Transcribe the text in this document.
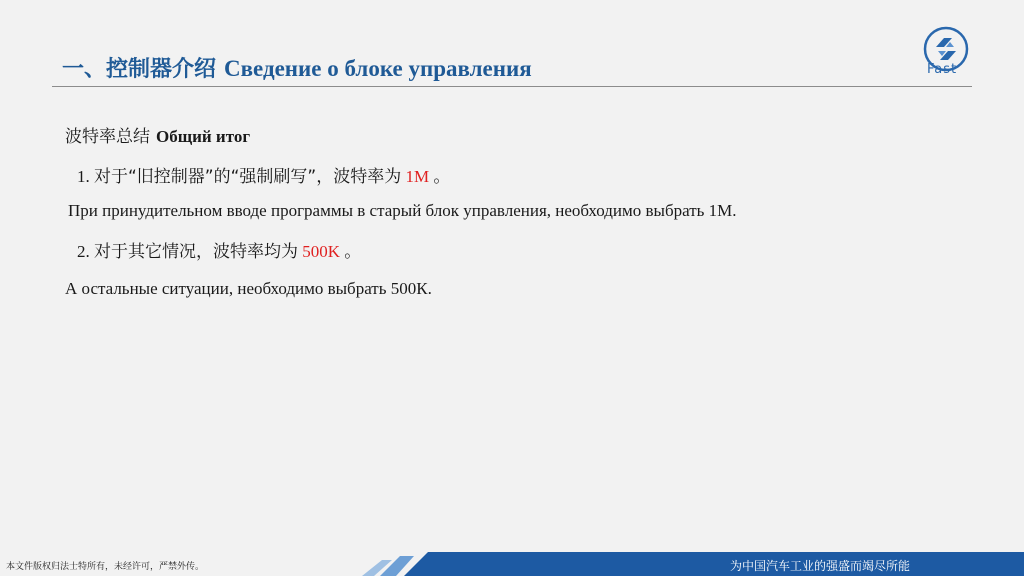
一、控制器介绍 Сведение о блоке управления	Fast
波特率总结 Общий итог
1. 对于“旧控制器”的“强制刷写”，波特率为 1M 。
При принудительном вводе программы в старый блок управления, необходимо выбрать 1М.
2. 对于其它情况，波特率均为 500K 。
А остальные ситуации, необходимо выбрать 500К.
本文件版权归法士特所有，未经许可，严禁外传。	为中国汽车工业的强盛而竭尽所能
